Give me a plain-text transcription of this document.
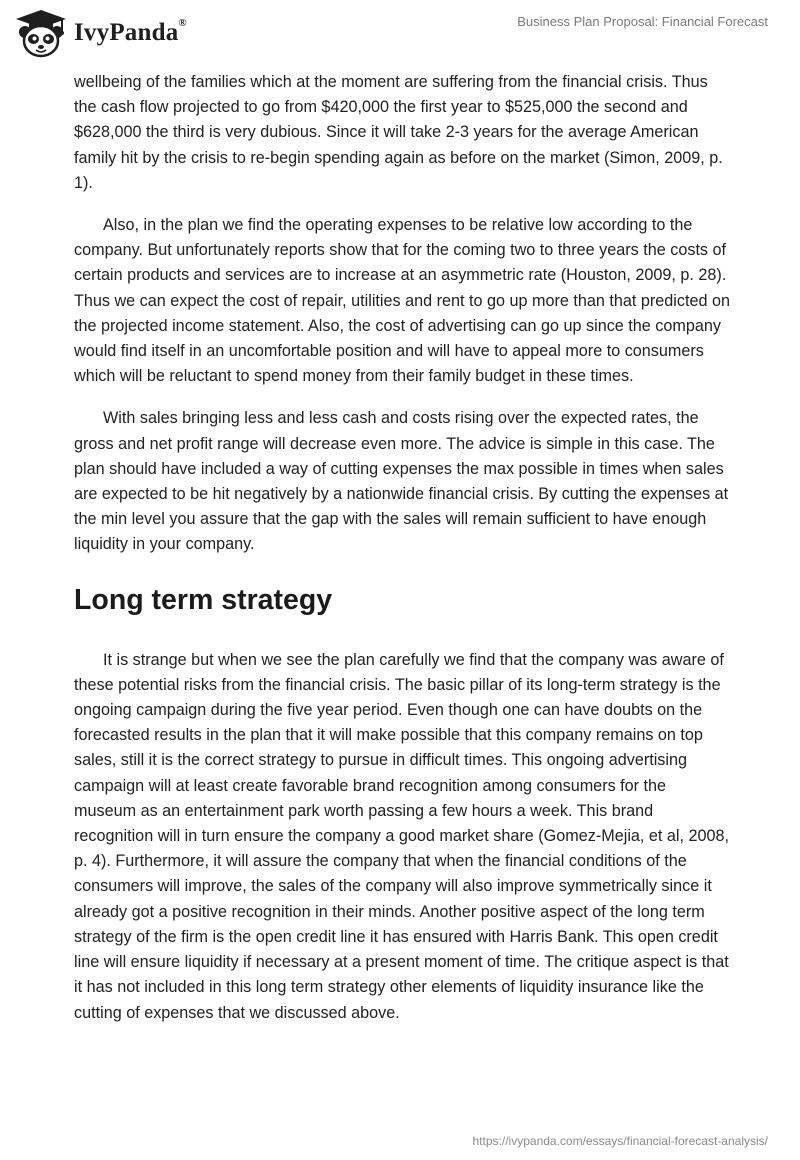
IvyPanda®	Business Plan Proposal: Financial Forecast

wellbeing of the families which at the moment are suffering from the financial crisis. Thus the cash flow projected to go from $420,000 the first year to $525,000 the second and $628,000 the third is very dubious. Since it will take 2-3 years for the average American family hit by the crisis to re-begin spending again as before on the market (Simon, 2009, p. 1).

Also, in the plan we find the operating expenses to be relative low according to the company. But unfortunately reports show that for the coming two to three years the costs of certain products and services are to increase at an asymmetric rate (Houston, 2009, p. 28). Thus we can expect the cost of repair, utilities and rent to go up more than that predicted on the projected income statement. Also, the cost of advertising can go up since the company would find itself in an uncomfortable position and will have to appeal more to consumers which will be reluctant to spend money from their family budget in these times.

With sales bringing less and less cash and costs rising over the expected rates, the gross and net profit range will decrease even more. The advice is simple in this case. The plan should have included a way of cutting expenses the max possible in times when sales are expected to be hit negatively by a nationwide financial crisis. By cutting the expenses at the min level you assure that the gap with the sales will remain sufficient to have enough liquidity in your company.

Long term strategy

It is strange but when we see the plan carefully we find that the company was aware of these potential risks from the financial crisis. The basic pillar of its long-term strategy is the ongoing campaign during the five year period. Even though one can have doubts on the forecasted results in the plan that it will make possible that this company remains on top sales, still it is the correct strategy to pursue in difficult times. This ongoing advertising campaign will at least create favorable brand recognition among consumers for the museum as an entertainment park worth passing a few hours a week. This brand recognition will in turn ensure the company a good market share (Gomez-Mejia, et al, 2008, p. 4). Furthermore, it will assure the company that when the financial conditions of the consumers will improve, the sales of the company will also improve symmetrically since it already got a positive recognition in their minds. Another positive aspect of the long term strategy of the firm is the open credit line it has ensured with Harris Bank. This open credit line will ensure liquidity if necessary at a present moment of time. The critique aspect is that it has not included in this long term strategy other elements of liquidity insurance like the cutting of expenses that we discussed above.

https://ivypanda.com/essays/financial-forecast-analysis/
